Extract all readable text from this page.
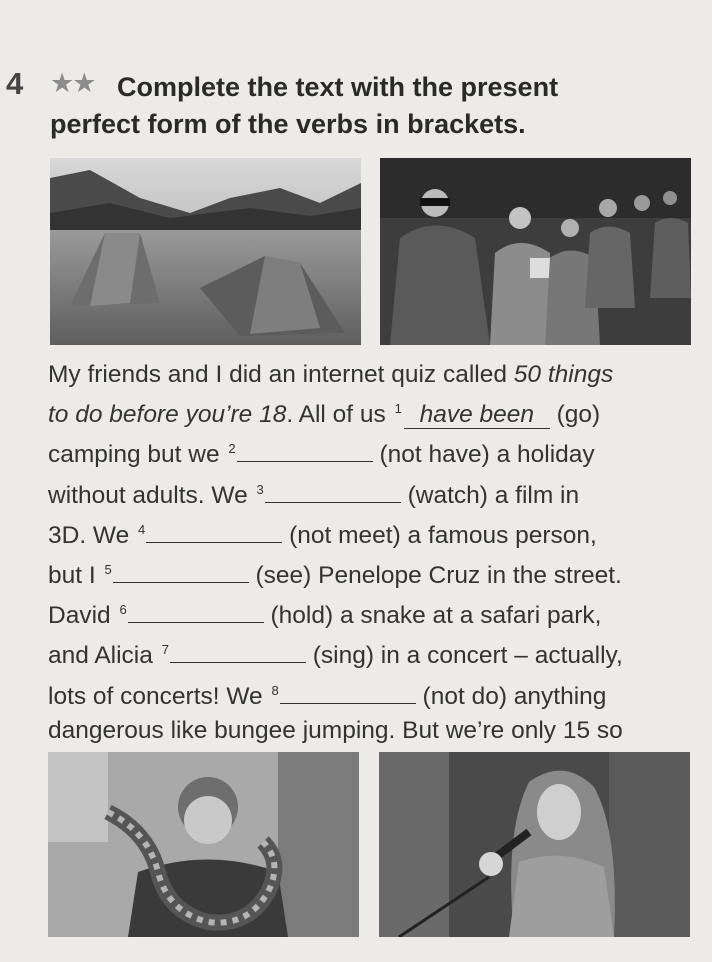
4 ★★ Complete the text with the present
perfect form of the verbs in brackets.
My friends and I did an internet quiz called 50 things
to do before you’re 18. All of us $^1$ have been (go)
camping but we $^2$	(not have) a holiday
without adults. We $^3$	(watch) a film in
3D. We $^4$	(not meet) a famous person,
but I $^5$	(see) Penelope Cruz in the street.
David $^6$	(hold) a snake at a safari park,
and Alicia $^7$	(sing) in a concert – actually,
lots of concerts! We $^8$	(not do) anything
dangerous like bungee jumping. But we’re only 15 so
